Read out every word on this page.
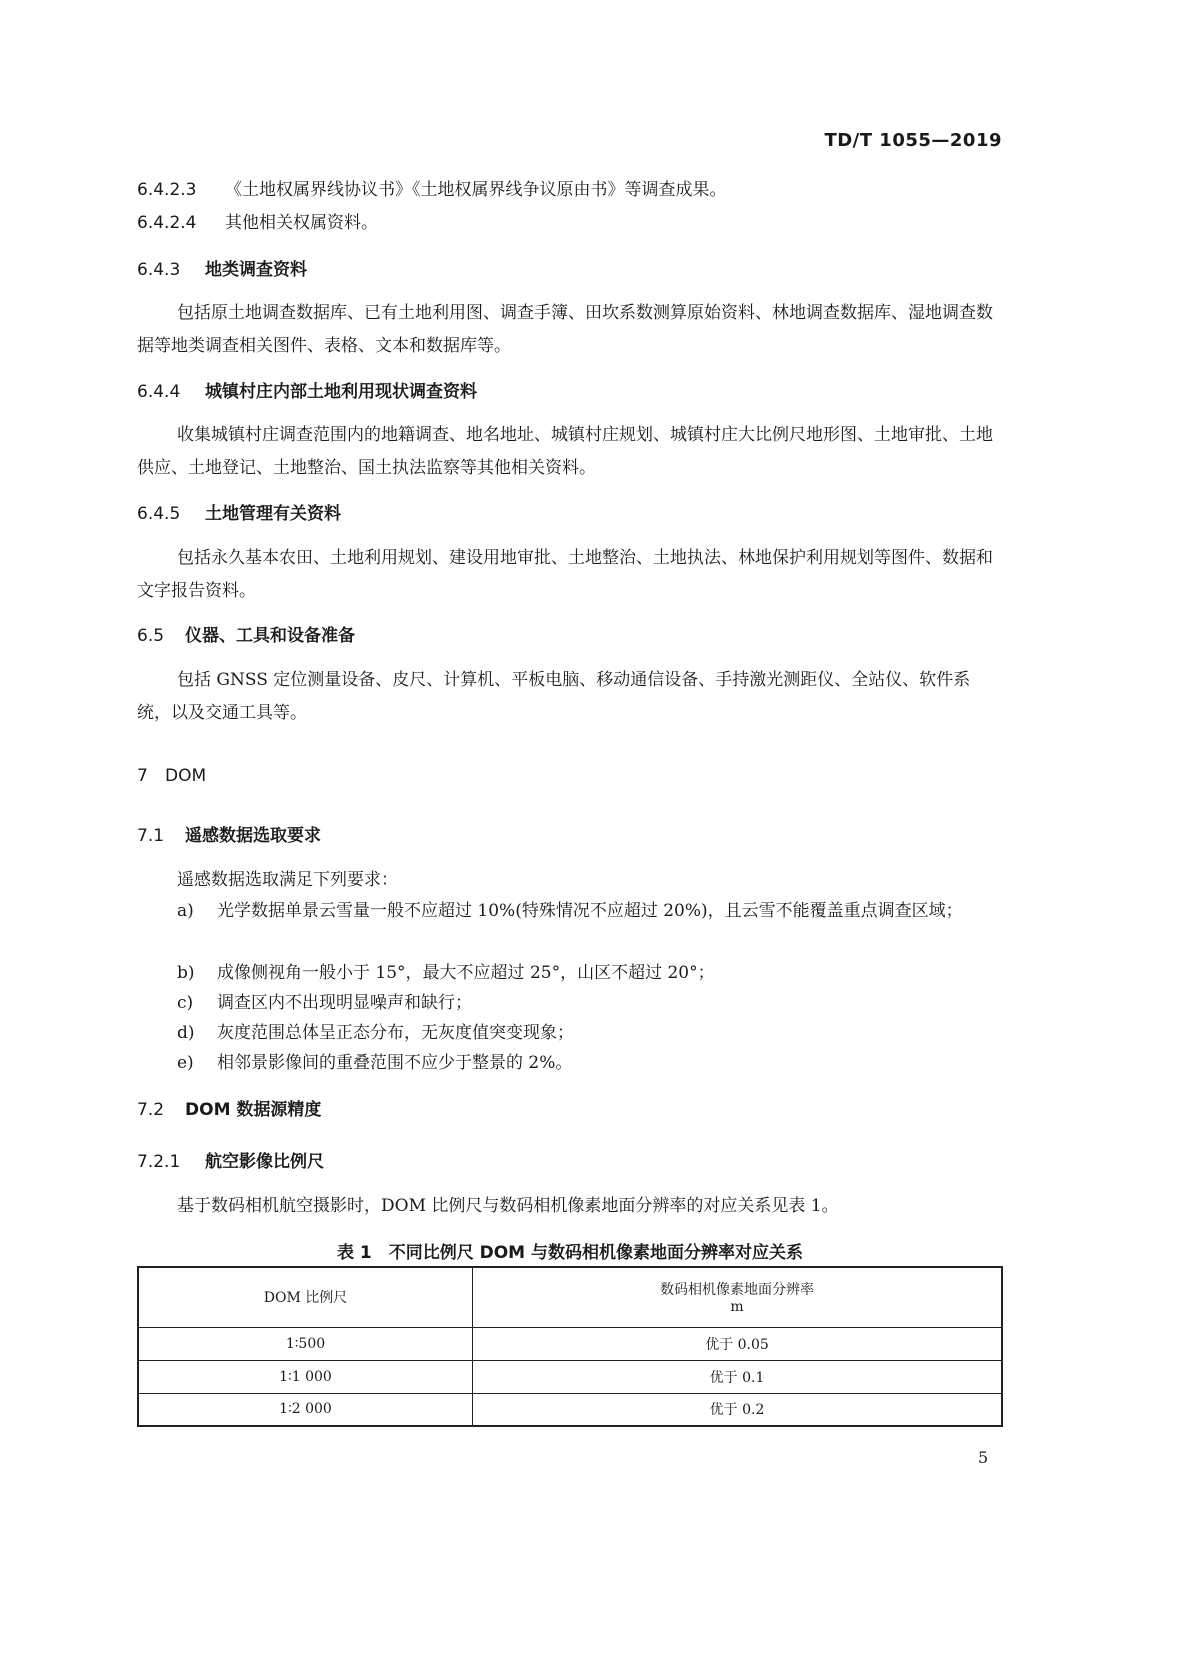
TD/T 1055—2019
6.4.2.3 《土地权属界线协议书》《土地权属界线争议原由书》等调查成果。
6.4.2.4 其他相关权属资料。
6.4.3 地类调查资料
包括原土地调查数据库、已有土地利用图、调查手簿、田坎系数测算原始资料、林地调查数据库、湿地调查数据等地类调查相关图件、表格、文本和数据库等。
6.4.4 城镇村庄内部土地利用现状调查资料
收集城镇村庄调查范围内的地籍调查、地名地址、城镇村庄规划、城镇村庄大比例尺地形图、土地审批、土地供应、土地登记、土地整治、国土执法监察等其他相关资料。
6.4.5 土地管理有关资料
包括永久基本农田、土地利用规划、建设用地审批、土地整治、土地执法、林地保护利用规划等图件、数据和文字报告资料。
6.5 仪器、工具和设备准备
包括 GNSS 定位测量设备、皮尺、计算机、平板电脑、移动通信设备、手持激光测距仪、全站仪、软件系统，以及交通工具等。
7 DOM
7.1 遥感数据选取要求
遥感数据选取满足下列要求：
a)	光学数据单景云雪量一般不应超过 10%(特殊情况不应超过 20%)，且云雪不能覆盖重点调查区域；
b)	成像侧视角一般小于 15°，最大不应超过 25°，山区不超过 20°；
c)	调查区内不出现明显噪声和缺行；
d)	灰度范围总体呈正态分布，无灰度值突变现象；
e)	相邻景影像间的重叠范围不应少于整景的 2%。
7.2 DOM 数据源精度
7.2.1 航空影像比例尺
基于数码相机航空摄影时，DOM 比例尺与数码相机像素地面分辨率的对应关系见表 1。
表 1　不同比例尺 DOM 与数码相机像素地面分辨率对应关系
DOM 比例尺	数码相机像素地面分辨率
m

1∶500	优于 0.05
1∶1 000	优于 0.1
1∶2 000	优于 0.2
5
